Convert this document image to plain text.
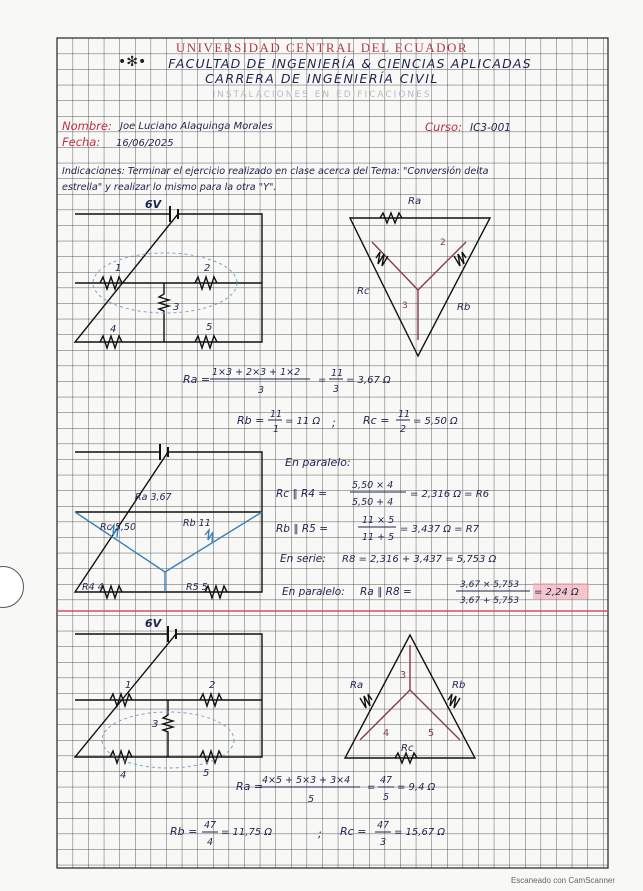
UNIVERSIDAD CENTRAL DEL ECUADOR
•✻• FACULTAD DE INGENIERÍA & CIENCIAS APLICADAS
CARRERA DE INGENIERÍA CIVIL
INSTALACIONES EN EDIFICACIONES
Nombre: Joe Luciano Alaquinga Morales
Fecha: 16/06/2025
Curso: IC3-001
Indicaciones: Terminar el ejercicio realizado en clase acerca del Tema: "Conversión delta
estrella" y realizar lo mismo para la otra "Y".
6V
1	2
3
4	5
Ra
Rc
Rb
2
3
Ra =
1×3 + 2×3 + 1×2
3
=
11
3
= 3,67 Ω
Rb = 11
1
= 11 Ω ; Rc = 11
2
= 5,50 Ω
Ra 3,67
Rb 11
Rc 5,50
R4 4	R5 5
En paralelo:
Rc ∥ R4 =
5,50 × 4
5,50 + 4
= 2,316 Ω = R6
Rb ∥ R5 =
11 × 5
11 + 5
= 3,437 Ω = R7
En serie: R8 = 2,316 + 3,437 = 5,753 Ω
En paralelo: Ra ∥ R8 =
3,67 × 5,753
3,67 + 5,753
= 2,24 Ω
6V
1	2
3
4	5
Ra	Rb
Rc
3
4	5
Ra =
4×5 + 5×3 + 3×4
5
=
47
5
= 9,4 Ω
Rb = 47
4
= 11,75 Ω	; Rc = 47
3
= 15,67 Ω
Escaneado con CamScanner
